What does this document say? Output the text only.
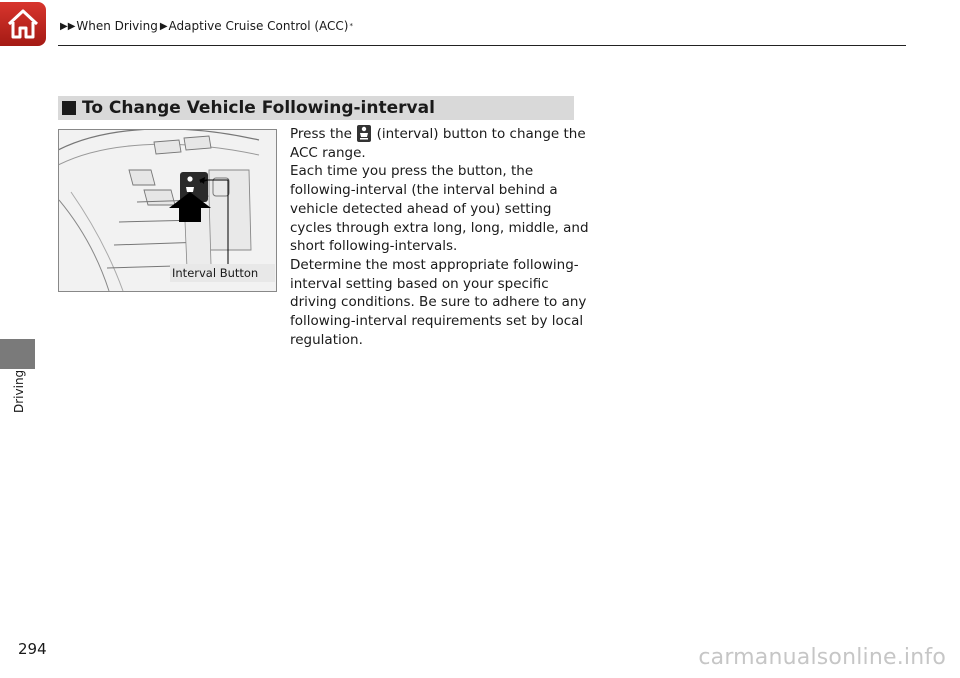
▶▶ When Driving ▶ Adaptive Cruise Control (ACC) *
Driving
To Change Vehicle Following-interval
Interval Button

Press the
(interval) button to change the ACC range.

Each time you press the button, the following-interval (the interval behind a vehicle detected ahead of you) setting cycles through extra long, long, middle, and short following-intervals.

Determine the most appropriate following-interval setting based on your specific driving conditions. Be sure to adhere to any following-interval requirements set by local regulation.

294	carmanualsonline.info
